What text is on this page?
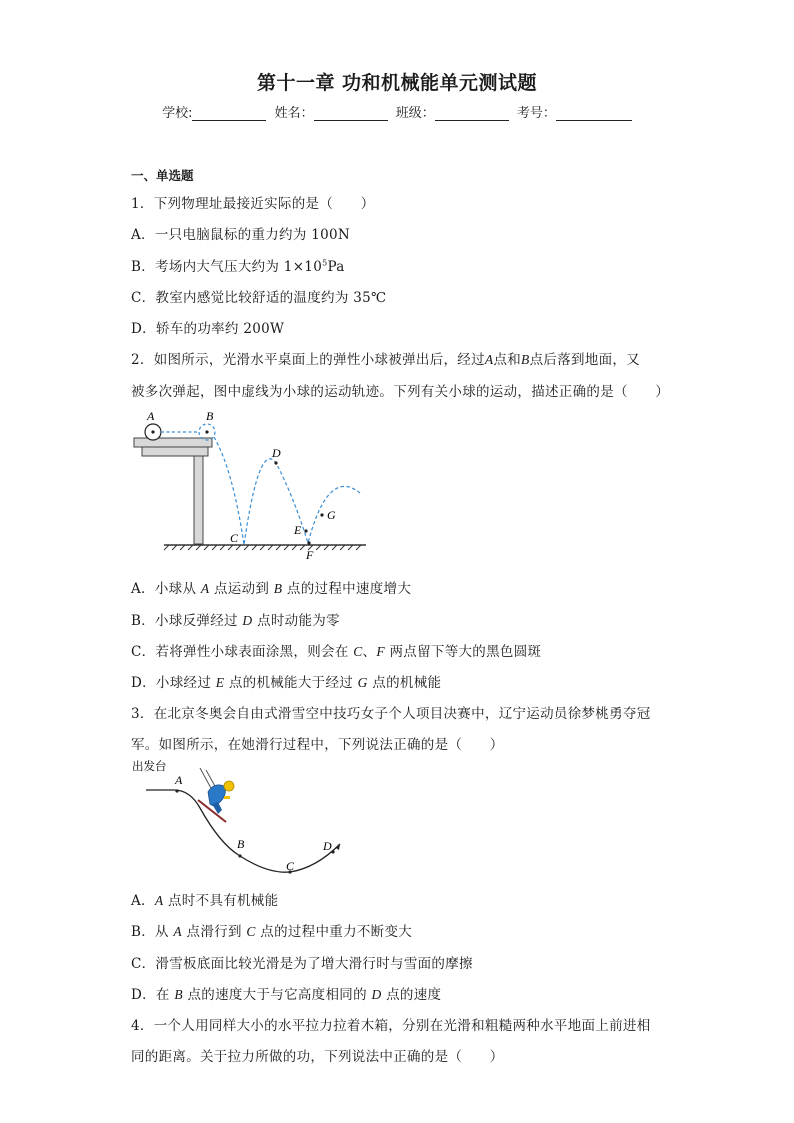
第十一章 功和机械能单元测试题
学校:	姓名：	班级：	考号：
一、单选题
1．下列物理址最接近实际的是（　　）
A．一只电脑鼠标的重力约为 100N
B．考场内大气压大约为 $1\times 10^5Pa$
C．教室内感觉比较舒适的温度约为 35℃
D．轿车的功率约 200W
2．如图所示，光滑水平桌面上的弹性小球被弹出后，经过A点和B点后落到地面，又
被多次弹起，图中虚线为小球的运动轨迹。下列有关小球的运动，描述正确的是（　　）
A	B
C
D
E
F
G
A．小球从 A 点运动到 B 点的过程中速度增大
B．小球反弹经过 D 点时动能为零
C．若将弹性小球表面涂黑，则会在 C、F 两点留下等大的黑色圆斑
D．小球经过 E 点的机械能大于经过 G 点的机械能
3．在北京冬奥会自由式滑雪空中技巧女子个人项目决赛中，辽宁运动员徐梦桃勇夺冠
军。如图所示，在她滑行过程中，下列说法正确的是（　　）
出发台
A
B
C
D
A．A 点时不具有机械能
B．从 A 点滑行到 C 点的过程中重力不断变大
C．滑雪板底面比较光滑是为了增大滑行时与雪面的摩擦
D．在 B 点的速度大于与它高度相同的 D 点的速度
4．一个人用同样大小的水平拉力拉着木箱，分别在光滑和粗糙两种水平地面上前进相
同的距离。关于拉力所做的功，下列说法中正确的是（　　）
